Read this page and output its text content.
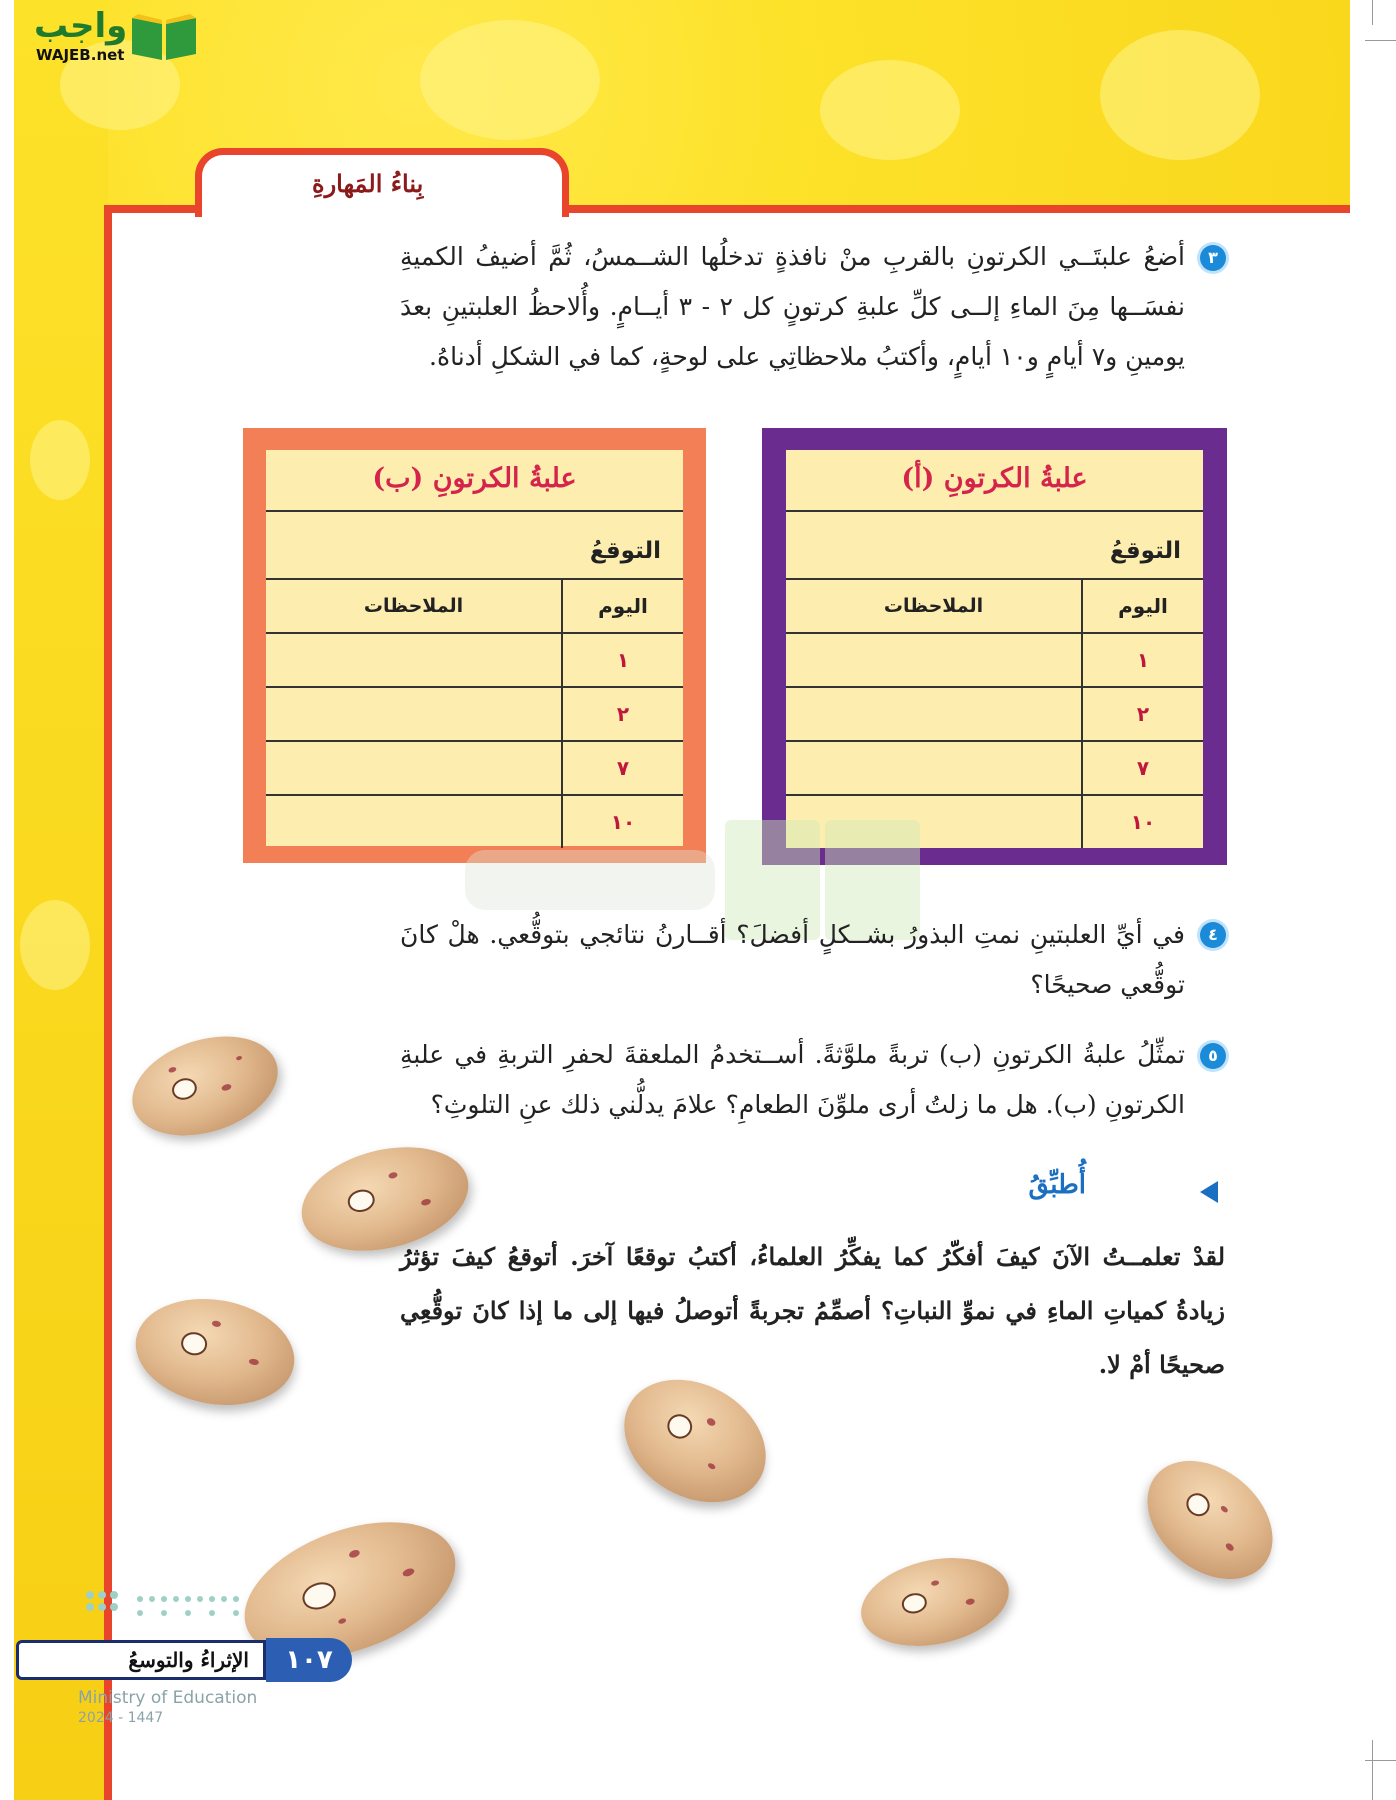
واجب
WAJEB.net
بِناءُ المَهارةِ
٣
أضعُ علبتَــي الكرتونِ بالقربِ منْ نافذةٍ تدخلُها الشــمسُ، ثُمَّ أضيفُ الكميةِ نفسَــها مِنَ الماءِ إلــى كلِّ علبةِ كرتونٍ كل ٢ - ٣ أيــامٍ. وأُلاحظُ العلبتينِ بعدَ يومينِ و٧ أيامٍ و١٠ أيامٍ، وأكتبُ ملاحظاتِي على لوحةٍ، كما في الشكلِ أدناهُ.
علبةُ الكرتونِ (أ)
التوقعُ
اليوم
الملاحظات
١
٢
٧
١٠
علبةُ الكرتونِ (ب)
التوقعُ
اليوم
الملاحظات
١
٢
٧
١٠
٤
في أيِّ العلبتينِ نمتِ البذورُ بشــكلٍ أفضلَ؟ أقــارنُ نتائجي بتوقُّعي. هلْ كانَ توقُّعي صحيحًا؟
٥
تمثِّلُ علبةُ الكرتونِ (ب) تربةً ملوَّثةً. أســتخدمُ الملعقةَ لحفرِ التربةِ في علبةِ الكرتونِ (ب). هل ما زلتُ أرى ملوِّنَ الطعامِ؟ علامَ يدلُّني ذلك عنِ التلوثِ؟
أُطبِّقُ
لقدْ تعلمــتُ الآنَ كيفَ أفكّرُ كما يفكِّرُ العلماءُ، أكتبُ توقعًا آخرَ. أتوقعُ كيفَ تؤثرُ زيادةُ كمياتِ الماءِ في نموِّ النباتِ؟ أصمِّمُ تجربةً أتوصلُ فيها إلى ما إذا كانَ توقُّعِي صحيحًا أمْ لا.
الإثراءُ والتوسعُ	١٠٧
Ministry of Education
2024 - 1447
